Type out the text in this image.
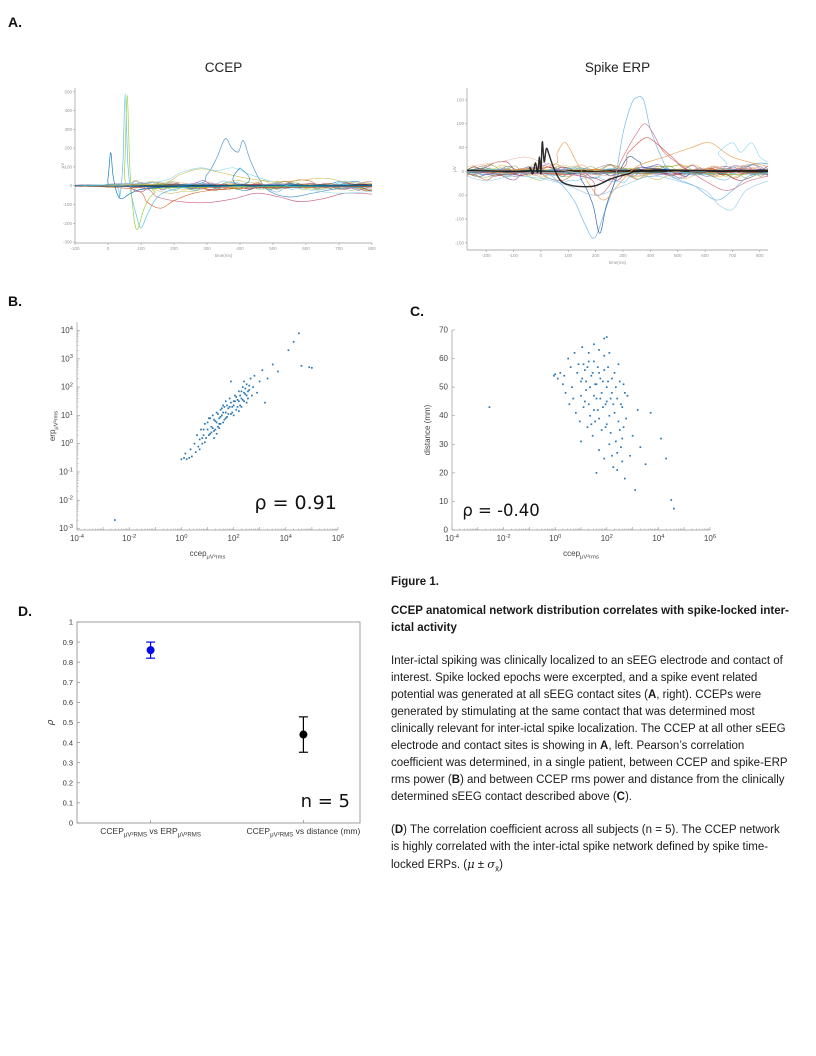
A.
B.
C.
D.
CCEP
-100	0	100	200	300	400	500	600	700	800
-300
-200
-100
0
100
200
300
400
500
time(ms)
μV
Spike ERP
-200	-100	0	100	200	300	400	500	600	700	800
-150
-100
-50
0
50
100
150
time(ms)
μV
$10^{-4}$	$10^{-2}$	$10^0$	$10^2$	$10^4$	$10^6$
$10^{-3}$
$10^{-2}$
$10^{-1}$
$10^0$
$10^1$
$10^2$
$10^3$
$10^4$
ccep$_{\mu V^2rms}$
erp$_{\mu V^2rms}$
ρ = 0.91
$10^{-4}$	$10^{-2}$	$10^0$	$10^2$	$10^4$	$10^6$
0
10
20
30
40
50
60
70
ccep$_{\mu V^2rms}$
distance (mm)
ρ = -0.40
0
0.1
0.2
0.3
0.4
0.5
0.6
0.7
0.8
0.9
1
ρ
$CCEP_{\mu V^2RMS}$ vs $ERP_{\mu V^2RMS}$	$CCEP_{\mu V^2RMS}$ vs distance (mm)
n = 5
Figure 1.
CCEP anatomical network distribution correlates with spike-locked inter-ictal activity

Inter-ictal spiking was clinically localized to an sEEG electrode and contact of interest. Spike locked epochs were excerpted, and a spike event related potential was generated at all sEEG contact sites (A, right). CCEPs were generated by stimulating at the same contact that was determined most clinically relevant for inter-ictal spike localization. The CCEP at all other sEEG electrode and contact sites is showing in A, left. Pearson’s correlation coefficient was determined, in a single patient, between CCEP and spike-ERP rms power (B) and between CCEP rms power and distance from the clinically determined sEEG contact described above (C).

(D) The correlation coefficient across all subjects (n = 5). The CCEP network is highly correlated with the inter-ictal spike network defined by spike time-locked ERPs. $(\mu \pm \sigma_{x̄})$
